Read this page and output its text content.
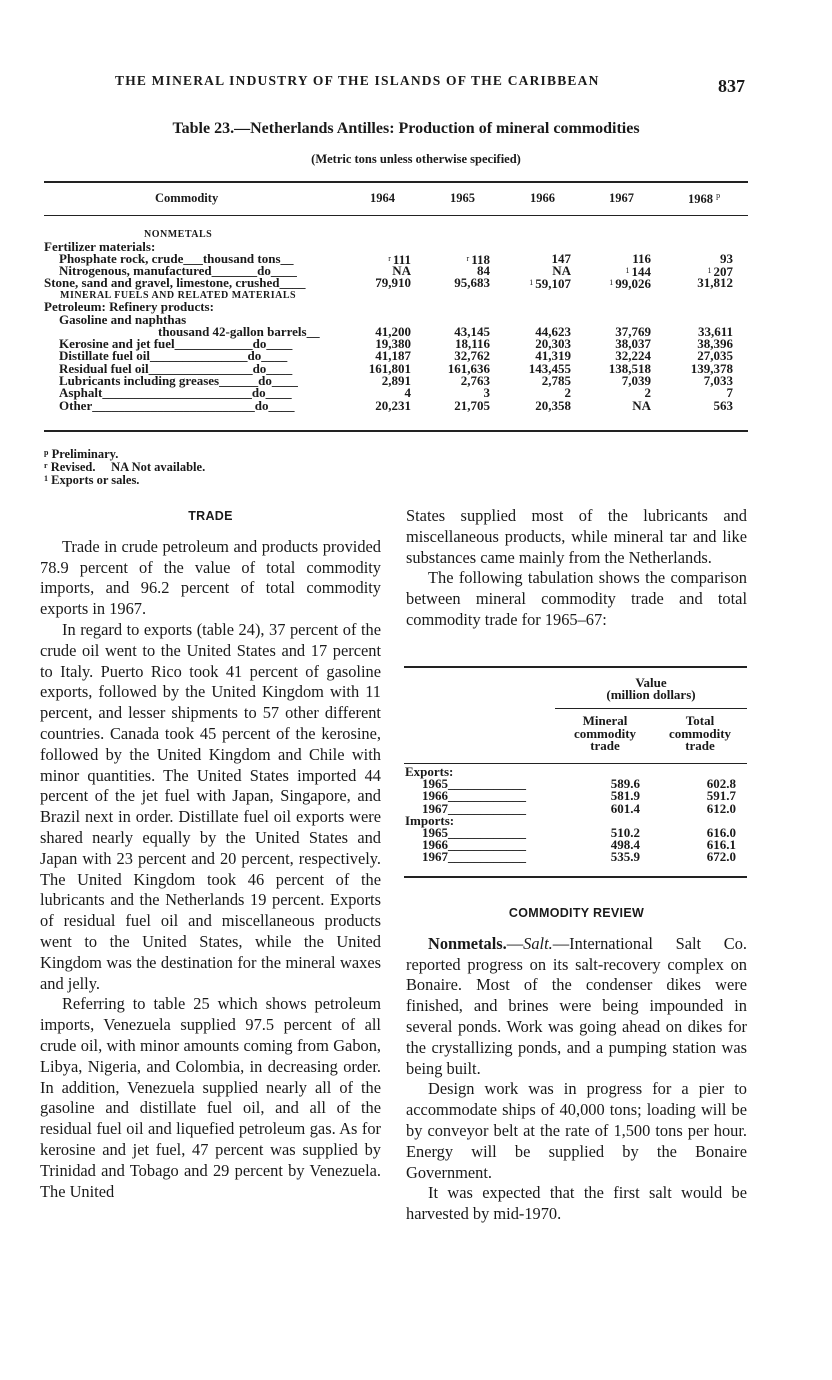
THE MINERAL INDUSTRY OF THE ISLANDS OF THE CARIBBEAN	837
Table 23.—Netherlands Antilles: Production of mineral commodities
(Metric tons unless otherwise specified)
Commodity	1964	1965	1966	1967	1968 $^p$
NONMETALS
Fertilizer materials:
Phosphate rock, crude___thousand tons__	$^r$ 111	$^r$ 118	147	116	93
Nitrogenous, manufactured_______do____	NA	84	NA	$^1$ 144	$^1$ 207
Stone, sand and gravel, limestone, crushed____	79,910	95,683	$^1$ 59,107	$^1$ 99,026	31,812
MINERAL FUELS AND RELATED MATERIALS
Petroleum: Refinery products:
Gasoline and naphthas
thousand 42-gallon barrels__	41,200	43,145	44,623	37,769	33,611
Kerosine and jet fuel____________do____	19,380	18,116	20,303	38,037	38,396
Distillate fuel oil_______________do____	41,187	32,762	41,319	32,224	27,035
Residual fuel oil________________do____	161,801	161,636	143,455	138,518	139,378
Lubricants including greases______do____	2,891	2,763	2,785	7,039	7,033
Asphalt_______________________do____	4	3	2	2	7
Other_________________________do____	20,231	21,705	20,358	NA	563
$^p$ Preliminary.
$^r$ Revised.     NA Not available.
$^1$ Exports or sales.
TRADE

Trade in crude petroleum and products provided 78.9 percent of the value of total commodity imports, and 96.2 percent of total commodity exports in 1967.

In regard to exports (table 24), 37 percent of the crude oil went to the United States and 17 percent to Italy. Puerto Rico took 41 percent of gasoline exports, followed by the United Kingdom with 11 percent, and lesser shipments to 57 other different countries. Canada took 45 percent of the kerosine, followed by the United Kingdom and Chile with minor quantities. The United States imported 44 percent of the jet fuel with Japan, Singapore, and Brazil next in order. Distillate fuel oil exports were shared nearly equally by the United States and Japan with 23 percent and 20 percent, respectively. The United Kingdom took 46 percent of the lubricants and the Netherlands 19 percent. Exports of residual fuel oil and miscellaneous products went to the United States, while the United Kingdom was the destination for the mineral waxes and jelly.

Referring to table 25 which shows petroleum imports, Venezuela supplied 97.5 percent of all crude oil, with minor amounts coming from Gabon, Libya, Nigeria, and Colombia, in decreasing order. In addition, Venezuela supplied nearly all of the gasoline and distillate fuel oil, and all of the residual fuel oil and liquefied petroleum gas. As for kerosine and jet fuel, 47 percent was supplied by Trinidad and Tobago and 29 percent by Venezuela. The United

States supplied most of the lubricants and miscellaneous products, while mineral tar and like substances came mainly from the Netherlands.

The following tabulation shows the comparison between mineral commodity trade and total commodity trade for 1965–67:

Value
(million dollars)
Mineral
commodity
trade
Total
commodity
trade
Exports:
1965____________	589.6	602.8
1966____________	581.9	591.7
1967____________	601.4	612.0
Imports:
1965____________	510.2	616.0
1966____________	498.4	616.1
1967____________	535.9	672.0
COMMODITY REVIEW

Nonmetals.—Salt.—International Salt Co. reported progress on its salt-recovery complex on Bonaire. Most of the condenser dikes were finished, and brines were being impounded in several ponds. Work was going ahead on dikes for the crystallizing ponds, and a pumping station was being built.

Design work was in progress for a pier to accommodate ships of 40,000 tons; loading will be by conveyor belt at the rate of 1,500 tons per hour. Energy will be supplied by the Bonaire Government.

It was expected that the first salt would be harvested by mid-1970.
